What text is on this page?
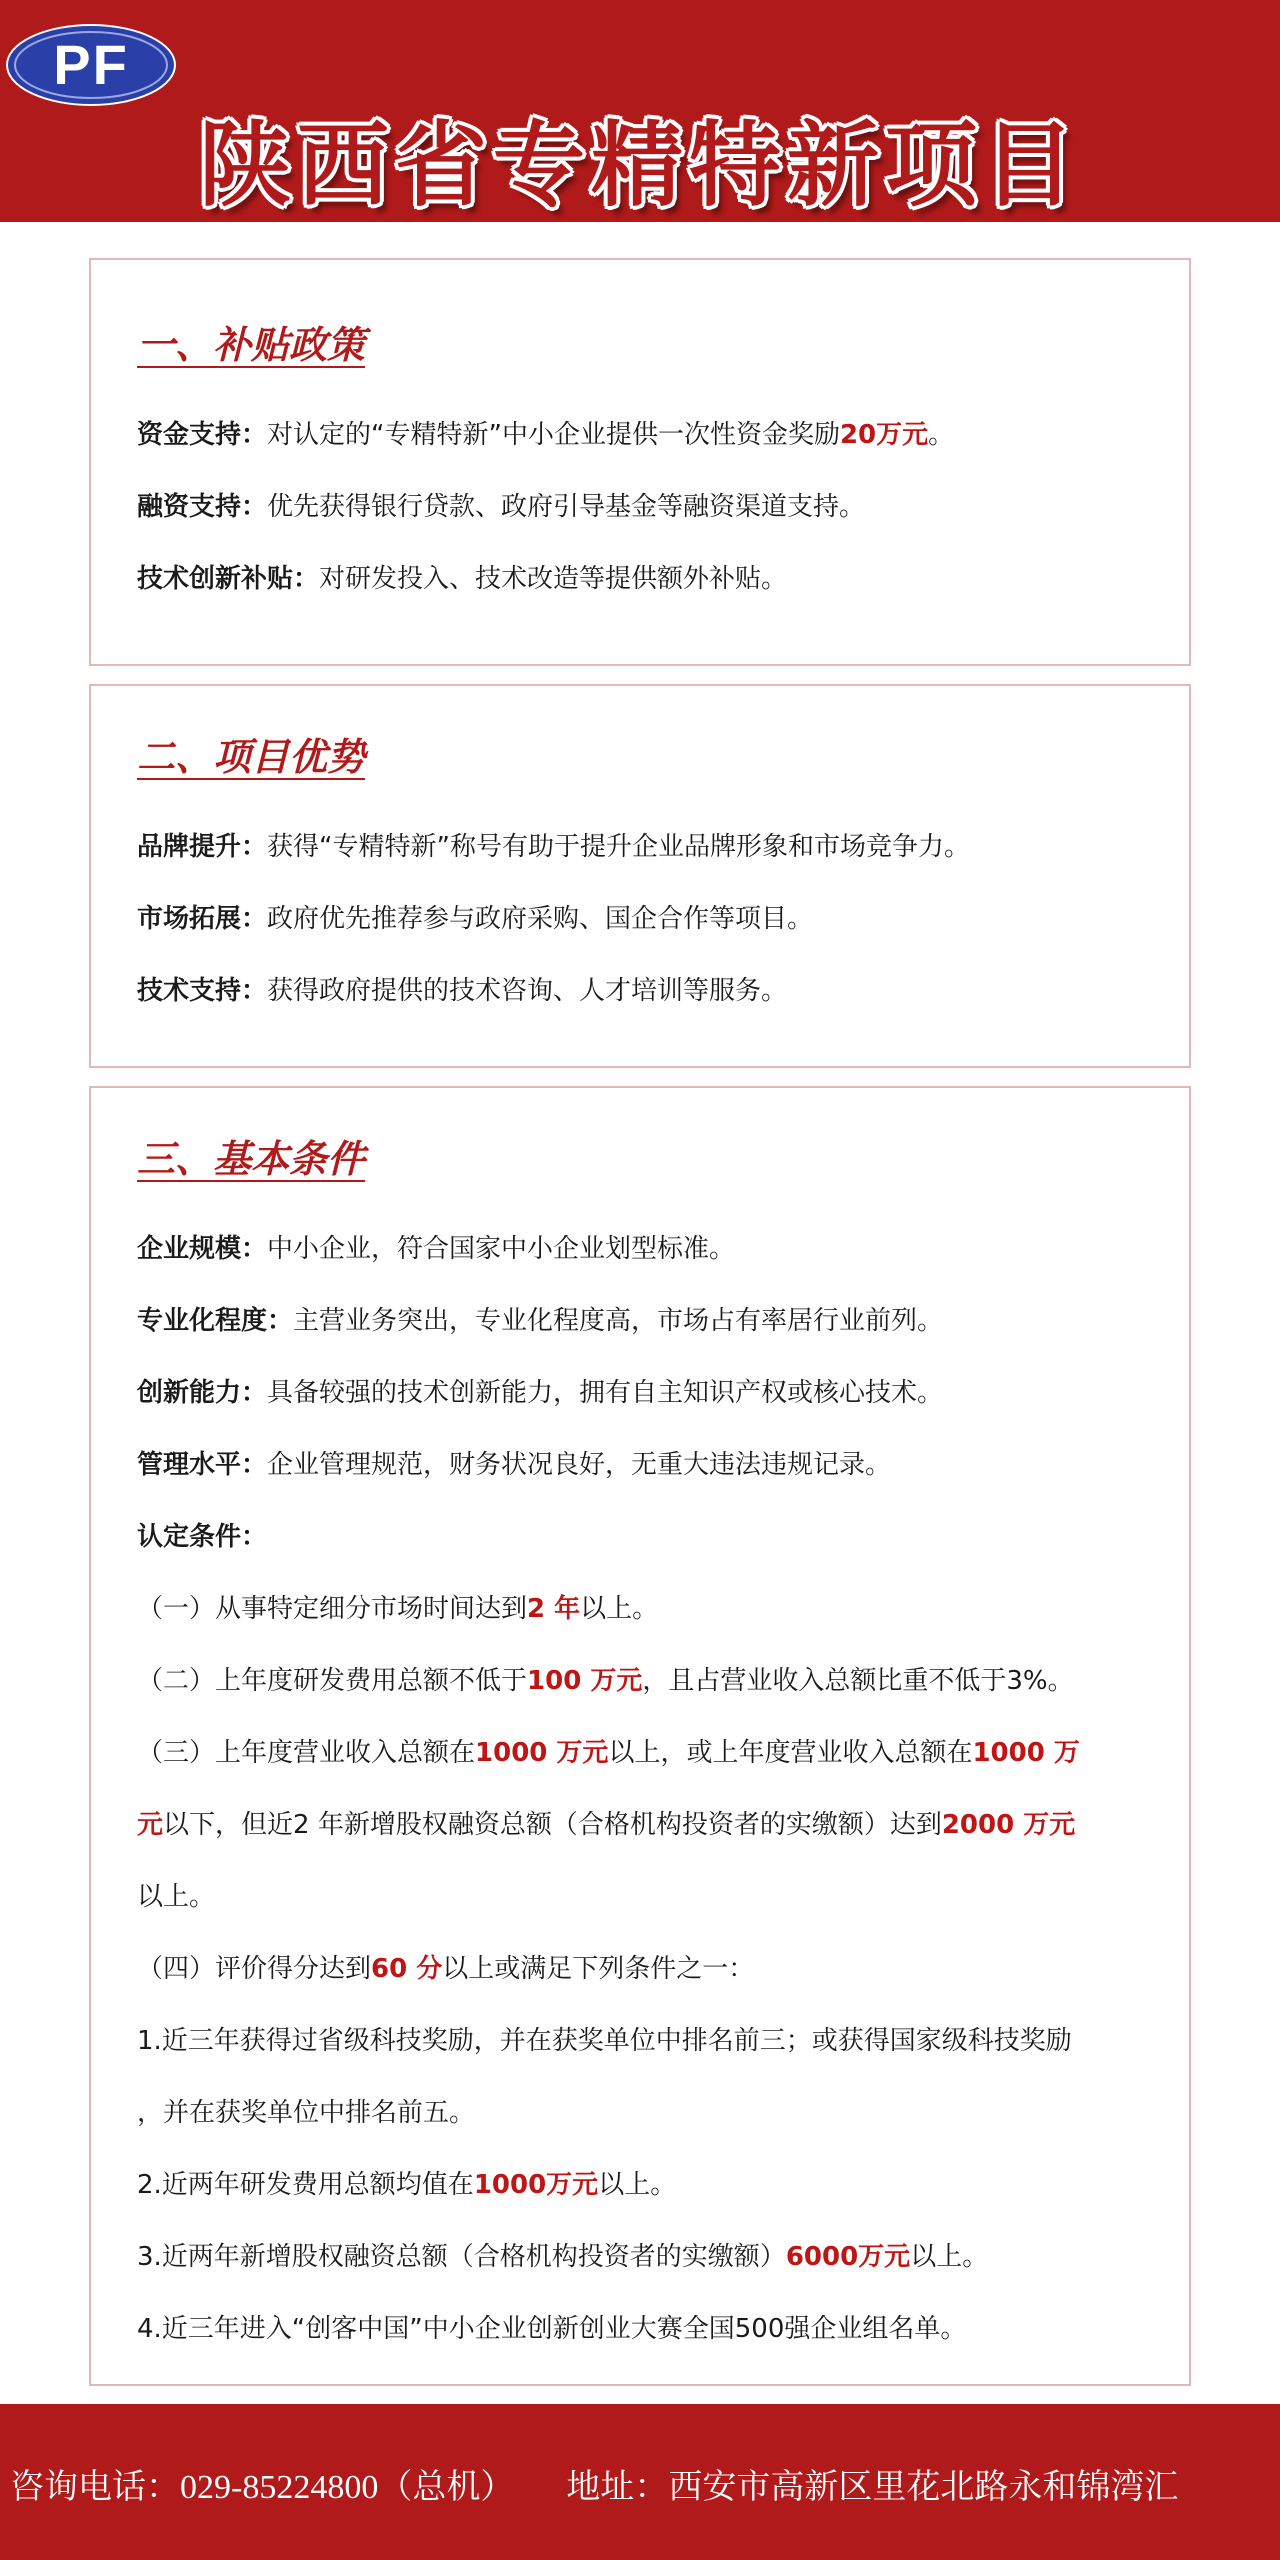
PF
陕西省专精特新项目
一、补贴政策
资金支持：对认定的“专精特新”中小企业提供一次性资金奖励20万元。
融资支持：优先获得银行贷款、政府引导基金等融资渠道支持。
技术创新补贴：对研发投入、技术改造等提供额外补贴。
二、项目优势
品牌提升：获得“专精特新”称号有助于提升企业品牌形象和市场竞争力。
市场拓展：政府优先推荐参与政府采购、国企合作等项目。
技术支持：获得政府提供的技术咨询、人才培训等服务。
三、基本条件
企业规模：中小企业，符合国家中小企业划型标准。
专业化程度：主营业务突出，专业化程度高，市场占有率居行业前列。
创新能力：具备较强的技术创新能力，拥有自主知识产权或核心技术。
管理水平：企业管理规范，财务状况良好，无重大违法违规记录。
认定条件：
（一）从事特定细分市场时间达到2 年以上。
（二）上年度研发费用总额不低于100 万元，且占营业收入总额比重不低于3%。
（三）上年度营业收入总额在1000 万元以上，或上年度营业收入总额在1000 万
元以下，但近2 年新增股权融资总额（合格机构投资者的实缴额）达到2000 万元
以上。
（四）评价得分达到60 分以上或满足下列条件之一：
1.近三年获得过省级科技奖励，并在获奖单位中排名前三；或获得国家级科技奖励
，并在获奖单位中排名前五。
2.近两年研发费用总额均值在1000万元以上。
3.近两年新增股权融资总额（合格机构投资者的实缴额）6000万元以上。
4.近三年进入“创客中国”中小企业创新创业大赛全国500强企业组名单。
咨询电话：029-85224800（总机） 地址：西安市高新区里花北路永和锦湾汇
